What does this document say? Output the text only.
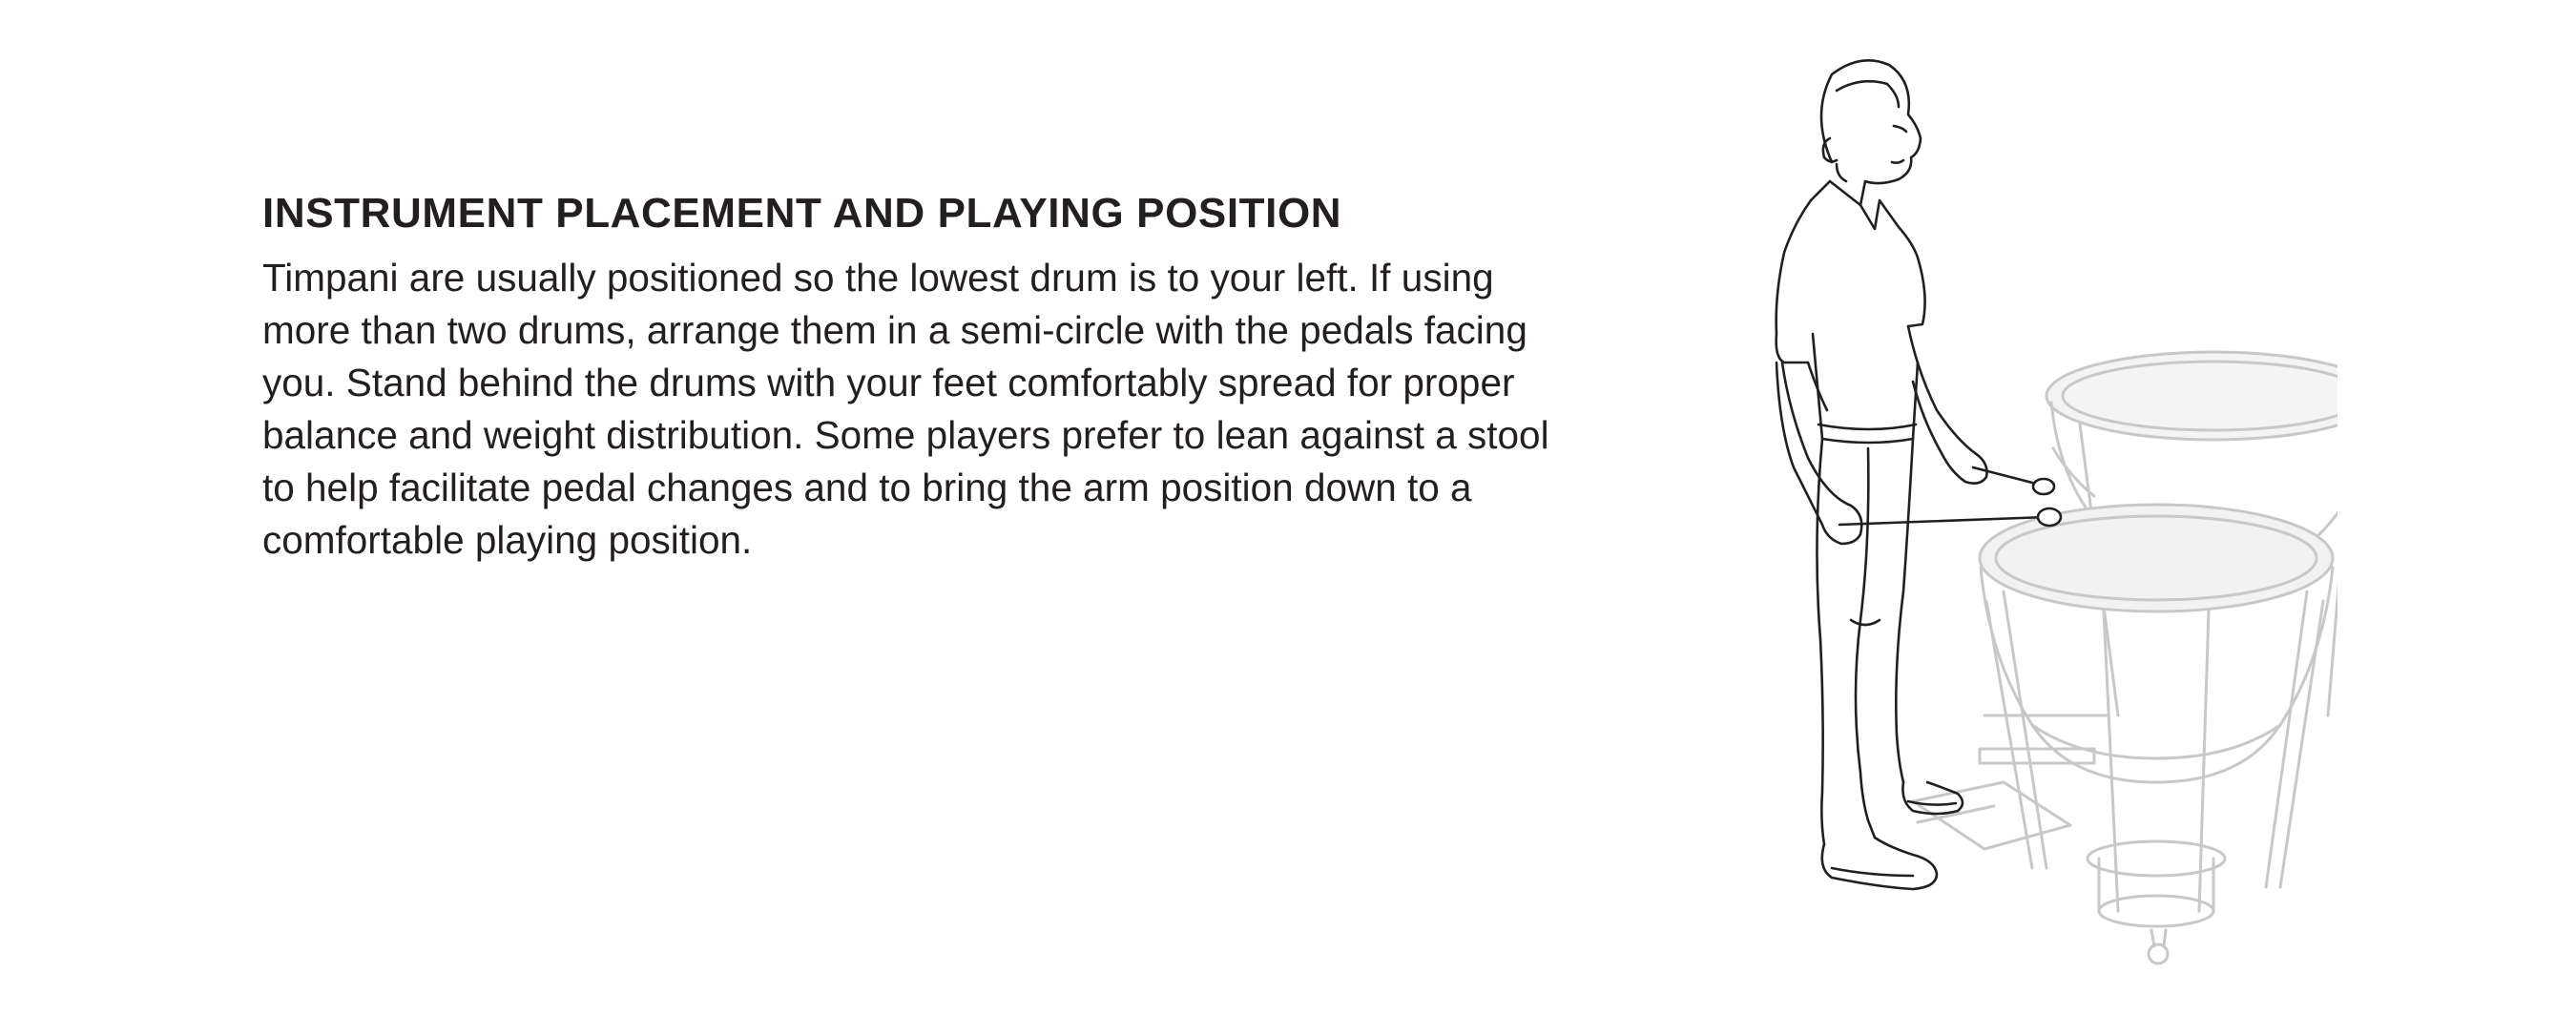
INSTRUMENT PLACEMENT AND PLAYING POSITION

Timpani are usually positioned so the lowest drum is to your left. If using
more than two drums, arrange them in a semi-circle with the pedals facing
you. Stand behind the drums with your feet comfortably spread for proper
balance and weight distribution. Some players prefer to lean against a stool
to help facilitate pedal changes and to bring the arm position down to a
comfortable playing position.
